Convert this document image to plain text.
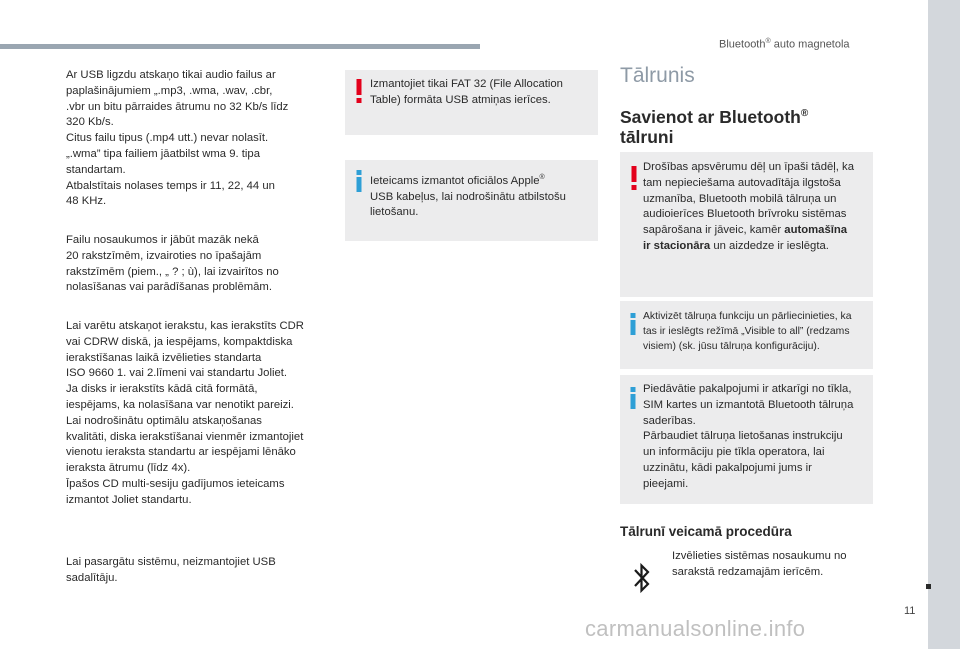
Bluetooth® auto magnetola
11

Ar USB ligzdu atskaņo tikai audio failus ar
paplašinājumiem „.mp3, .wma, .wav, .cbr,
.vbr un bitu pārraides ātrumu no 32 Kb/s līdz
320 Kb/s.
Citus failu tipus (.mp4 utt.) nevar nolasīt.
„.wma” tipa failiem jāatbilst wma 9. tipa
standartam.
Atbalstītais nolases temps ir 11, 22, 44 un
48 KHz.

Failu nosaukumos ir jābūt mazāk nekā
20 rakstzīmēm, izvairoties no īpašajām
rakstzīmēm (piem., „ ? ; ù), lai izvairītos no
nolasīšanas vai parādīšanas problēmām.

Lai varētu atskaņot ierakstu, kas ierakstīts CDR
vai CDRW diskā, ja iespējams, kompaktdiska
ierakstīšanas laikā izvēlieties standarta
ISO 9660 1. vai 2.līmeni vai standartu Joliet.
Ja disks ir ierakstīts kādā citā formātā,
iespējams, ka nolasīšana var nenotikt pareizi.
Lai nodrošinātu optimālu atskaņošanas
kvalitāti, diska ierakstīšanai vienmēr izmantojiet
vienotu ieraksta standartu ar iespējami lēnāko
ieraksta ātrumu (līdz 4x).
Īpašos CD multi-sesiju gadījumos ieteicams
izmantot Joliet standartu.

Lai pasargātu sistēmu, neizmantojiet USB
sadalītāju.

Izmantojiet tikai FAT 32 (File Allocation
Table) formāta USB atmiņas ierīces.
Ieteicams izmantot oficiālos Apple®
USB kabeļus, lai nodrošinātu atbilstošu
lietošanu.
Tālrunis
Savienot ar Bluetooth®
tālruni
Drošības apsvērumu dēļ un īpaši tādēļ, ka
tam nepieciešama autovadītāja ilgstoša
uzmanība, Bluetooth mobilā tālruņa un
audioierīces Bluetooth brīvroku sistēmas
sapārošana ir jāveic, kamēr automašīna
ir stacionāra un aizdedze ir ieslēgta.
Aktivizēt tālruņa funkciju un pārliecinieties, ka
tas ir ieslēgts režīmā „Visible to all” (redzams
visiem) (sk. jūsu tālruņa konfigurāciju).
Piedāvātie pakalpojumi ir atkarīgi no tīkla,
SIM kartes un izmantotā Bluetooth tālruņa
saderības.
Pārbaudiet tālruņa lietošanas instrukciju
un informāciju pie tīkla operatora, lai
uzzinātu, kādi pakalpojumi jums ir
pieejami.
Tālrunī veicamā procedūra
Izvēlieties sistēmas nosaukumu no
sarakstā redzamajām ierīcēm.
carmanualsonline.info
